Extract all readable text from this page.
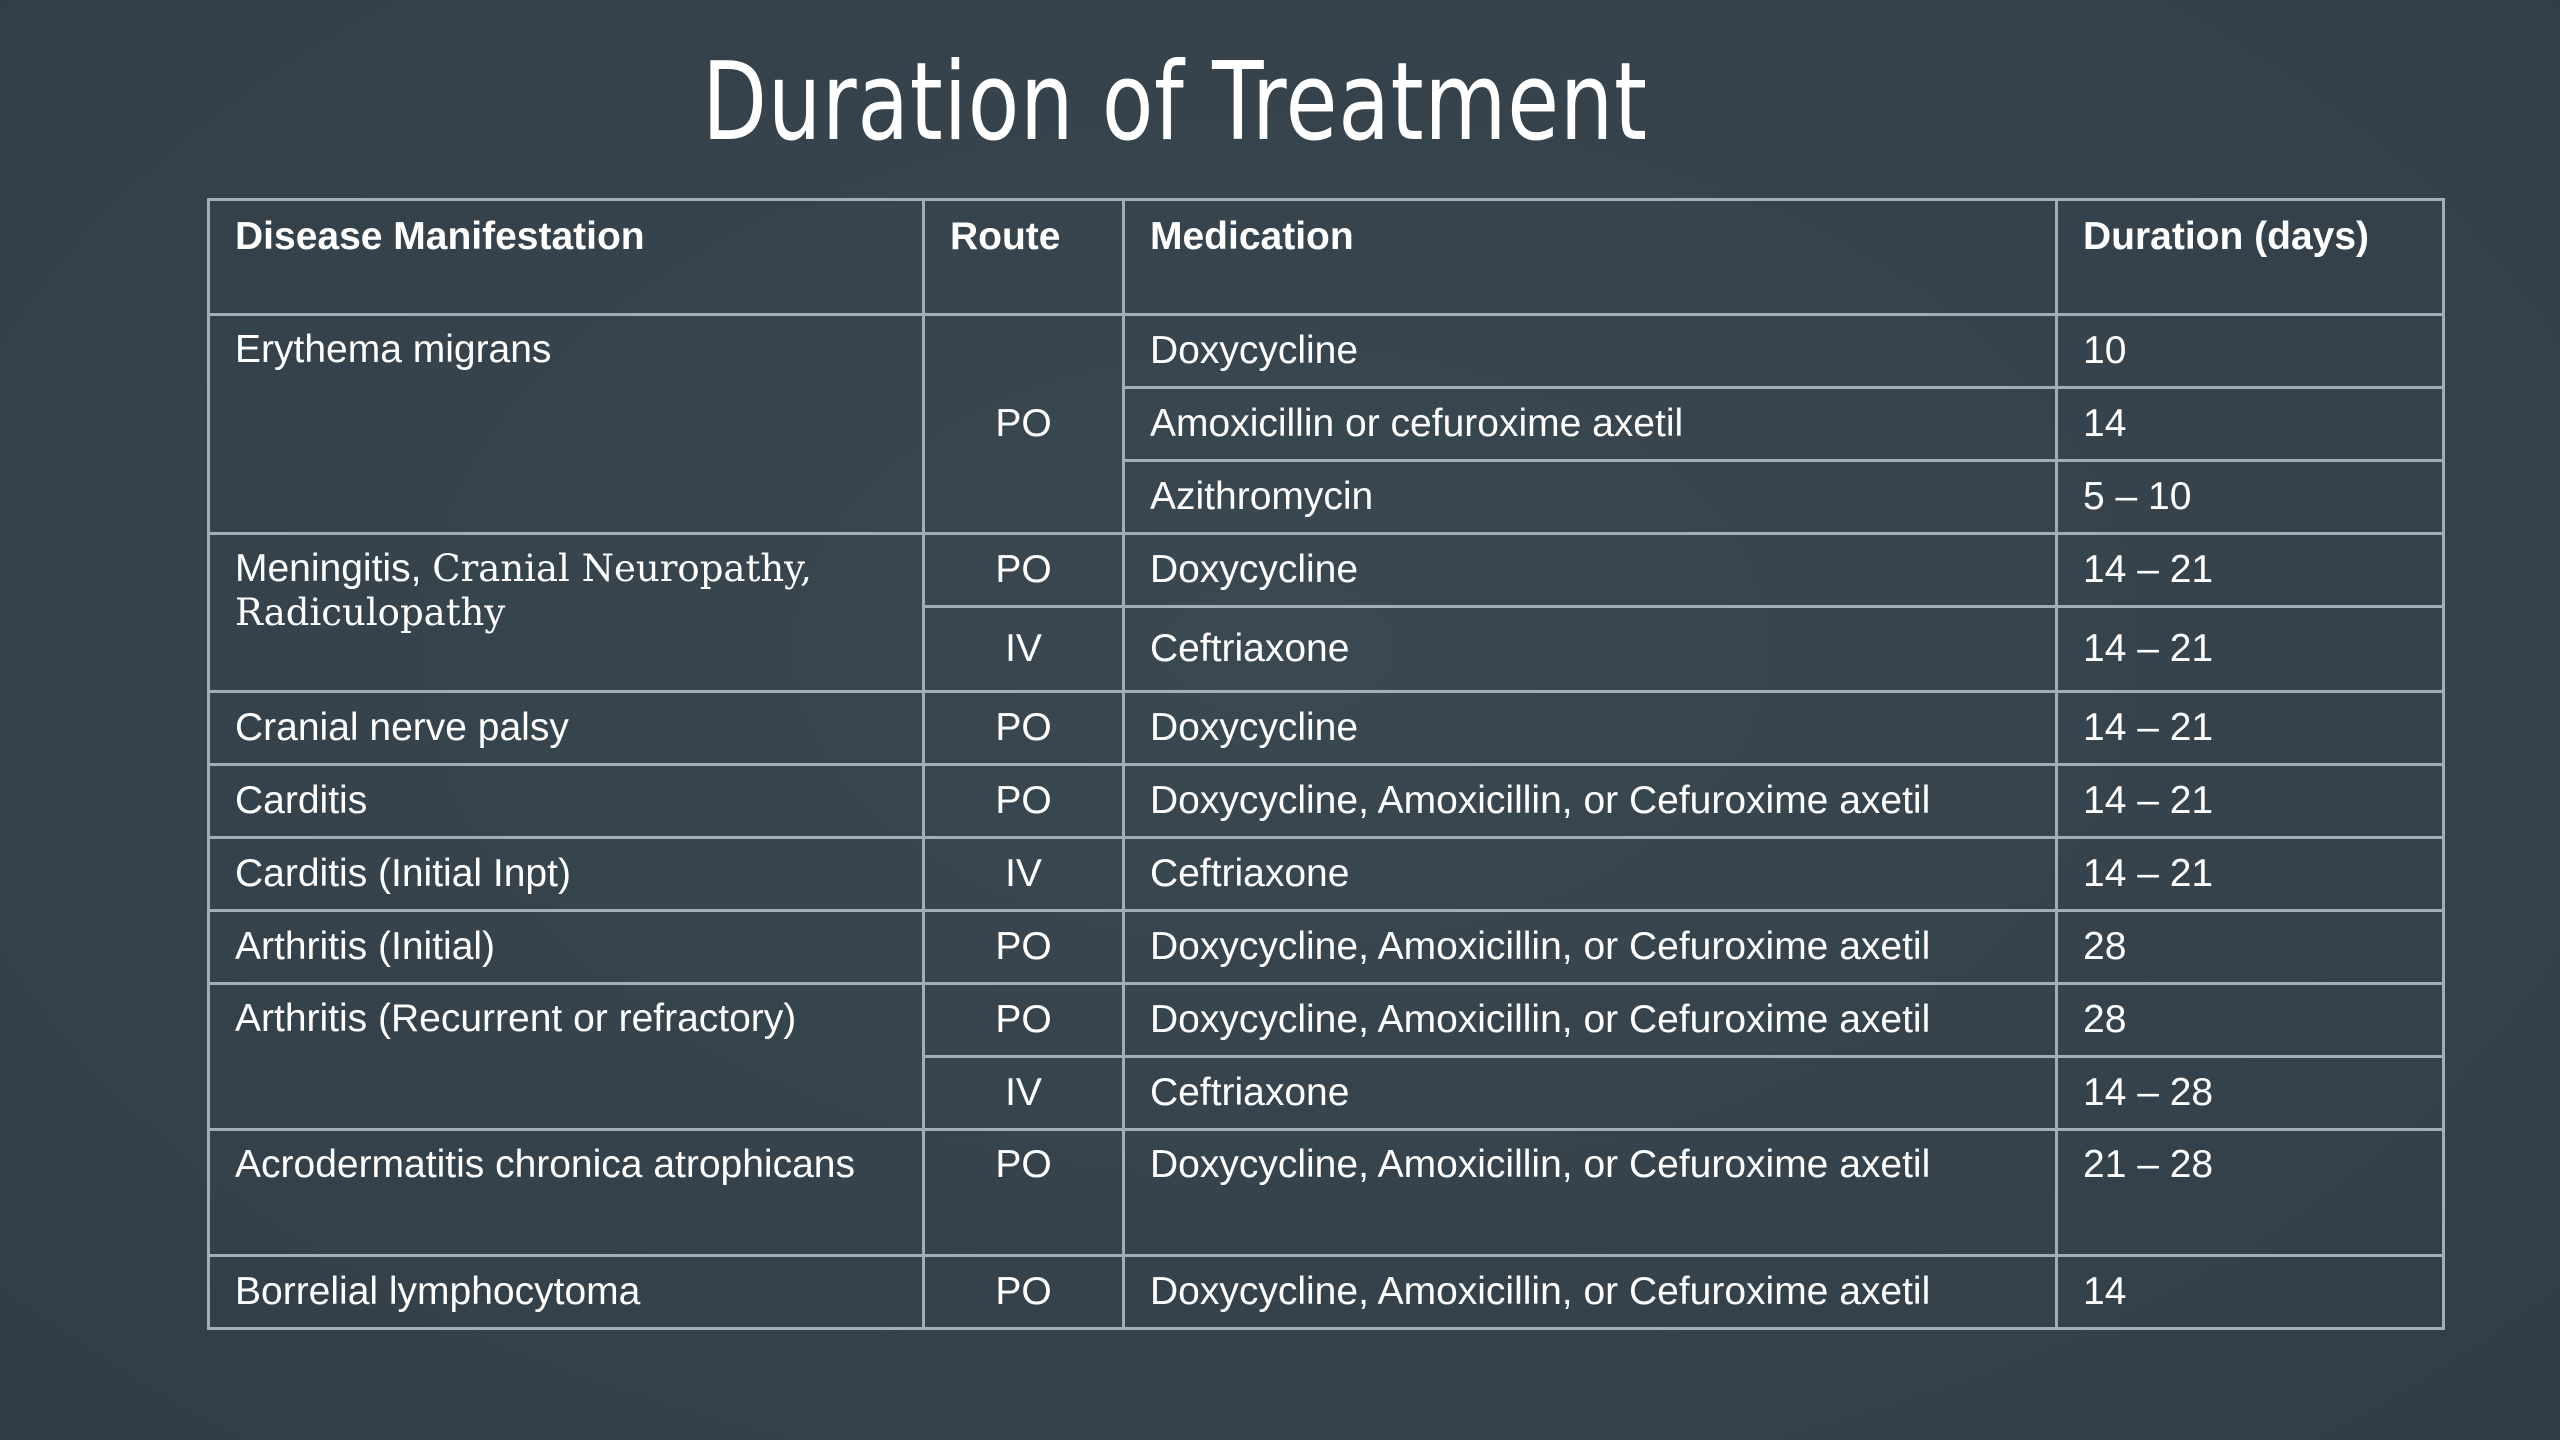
Duration of Treatment
Disease Manifestation	Route	Medication	Duration (days)
Erythema migrans	PO	Doxycycline	10
		Amoxicillin or cefuroxime axetil	14
		Azithromycin	5 – 10
Meningitis, Cranial Neuropathy,
Radiculopathy	PO	Doxycycline	14 – 21
	IV	Ceftriaxone	14 – 21
Cranial nerve palsy	PO	Doxycycline	14 – 21
Carditis	PO	Doxycycline, Amoxicillin, or Cefuroxime axetil	14 – 21
Carditis (Initial Inpt)	IV	Ceftriaxone	14 – 21
Arthritis (Initial)	PO	Doxycycline, Amoxicillin, or Cefuroxime axetil	28
Arthritis (Recurrent or refractory)	PO	Doxycycline, Amoxicillin, or Cefuroxime axetil	28
	IV	Ceftriaxone	14 – 28
Acrodermatitis chronica atrophicans	PO	Doxycycline, Amoxicillin, or Cefuroxime axetil	21 – 28
Borrelial lymphocytoma	PO	Doxycycline, Amoxicillin, or Cefuroxime axetil	14
